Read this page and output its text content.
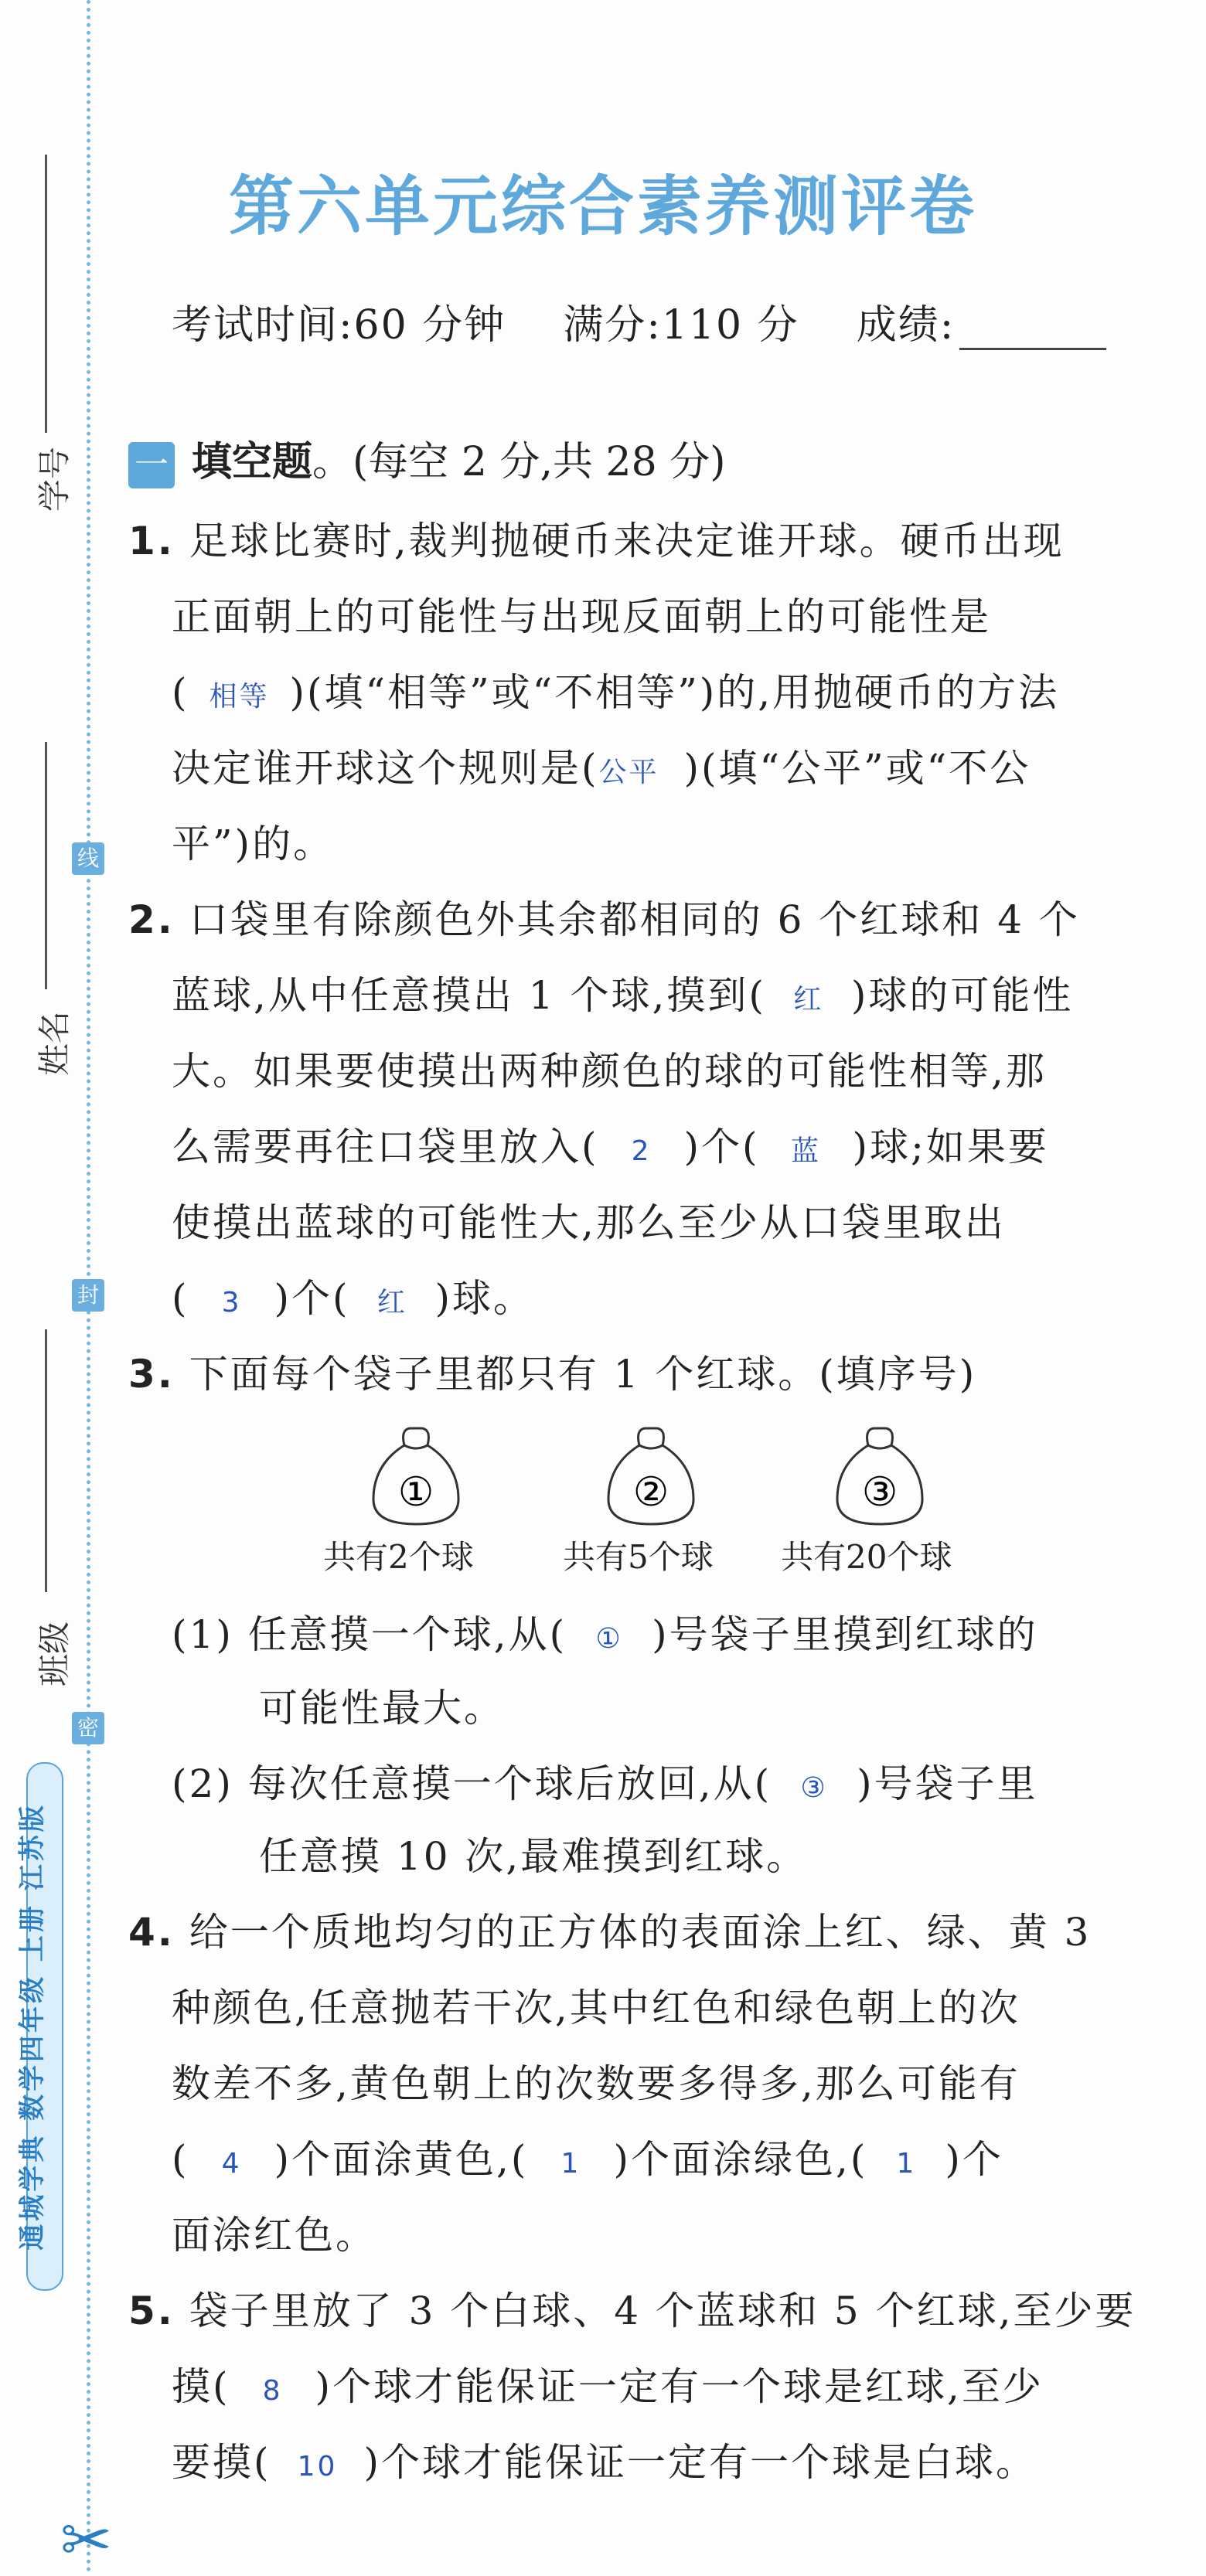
学号
姓名
班级
线
封
密
通城学典 数学四年级 上册 江苏版
✂
第六单元综合素养测评卷
考试时间:60 分钟 满分:110 分 成绩:
一 填空题。(每空 2 分,共 28 分)
1. 足球比赛时,裁判抛硬币来决定谁开球。硬币出现
正面朝上的可能性与出现反面朝上的可能性是
( 相等 )(填“相等”或“不相等”)的,用抛硬币的方法
决定谁开球这个规则是(公平 )(填“公平”或“不公
平”)的。
2. 口袋里有除颜色外其余都相同的 6 个红球和 4 个
蓝球,从中任意摸出 1 个球,摸到( 红 )球的可能性
大。如果要使摸出两种颜色的球的可能性相等,那
么需要再往口袋里放入( 2 )个( 蓝 )球;如果要
使摸出蓝球的可能性大,那么至少从口袋里取出
( 3 )个( 红 )球。
3. 下面每个袋子里都只有 1 个红球。(填序号)
①	②	③
共有2个球	共有5个球 共有20个球
(1) 任意摸一个球,从( ① )号袋子里摸到红球的
可能性最大。
(2) 每次任意摸一个球后放回,从( ③ )号袋子里
任意摸 10 次,最难摸到红球。
4. 给一个质地均匀的正方体的表面涂上红、绿、黄 3
种颜色,任意抛若干次,其中红色和绿色朝上的次
数差不多,黄色朝上的次数要多得多,那么可能有
( 4 )个面涂黄色,( 1 )个面涂绿色,( 1 )个
面涂红色。
5. 袋子里放了 3 个白球、4 个蓝球和 5 个红球,至少要
摸( 8 )个球才能保证一定有一个球是红球,至少
要摸( 10 )个球才能保证一定有一个球是白球。
